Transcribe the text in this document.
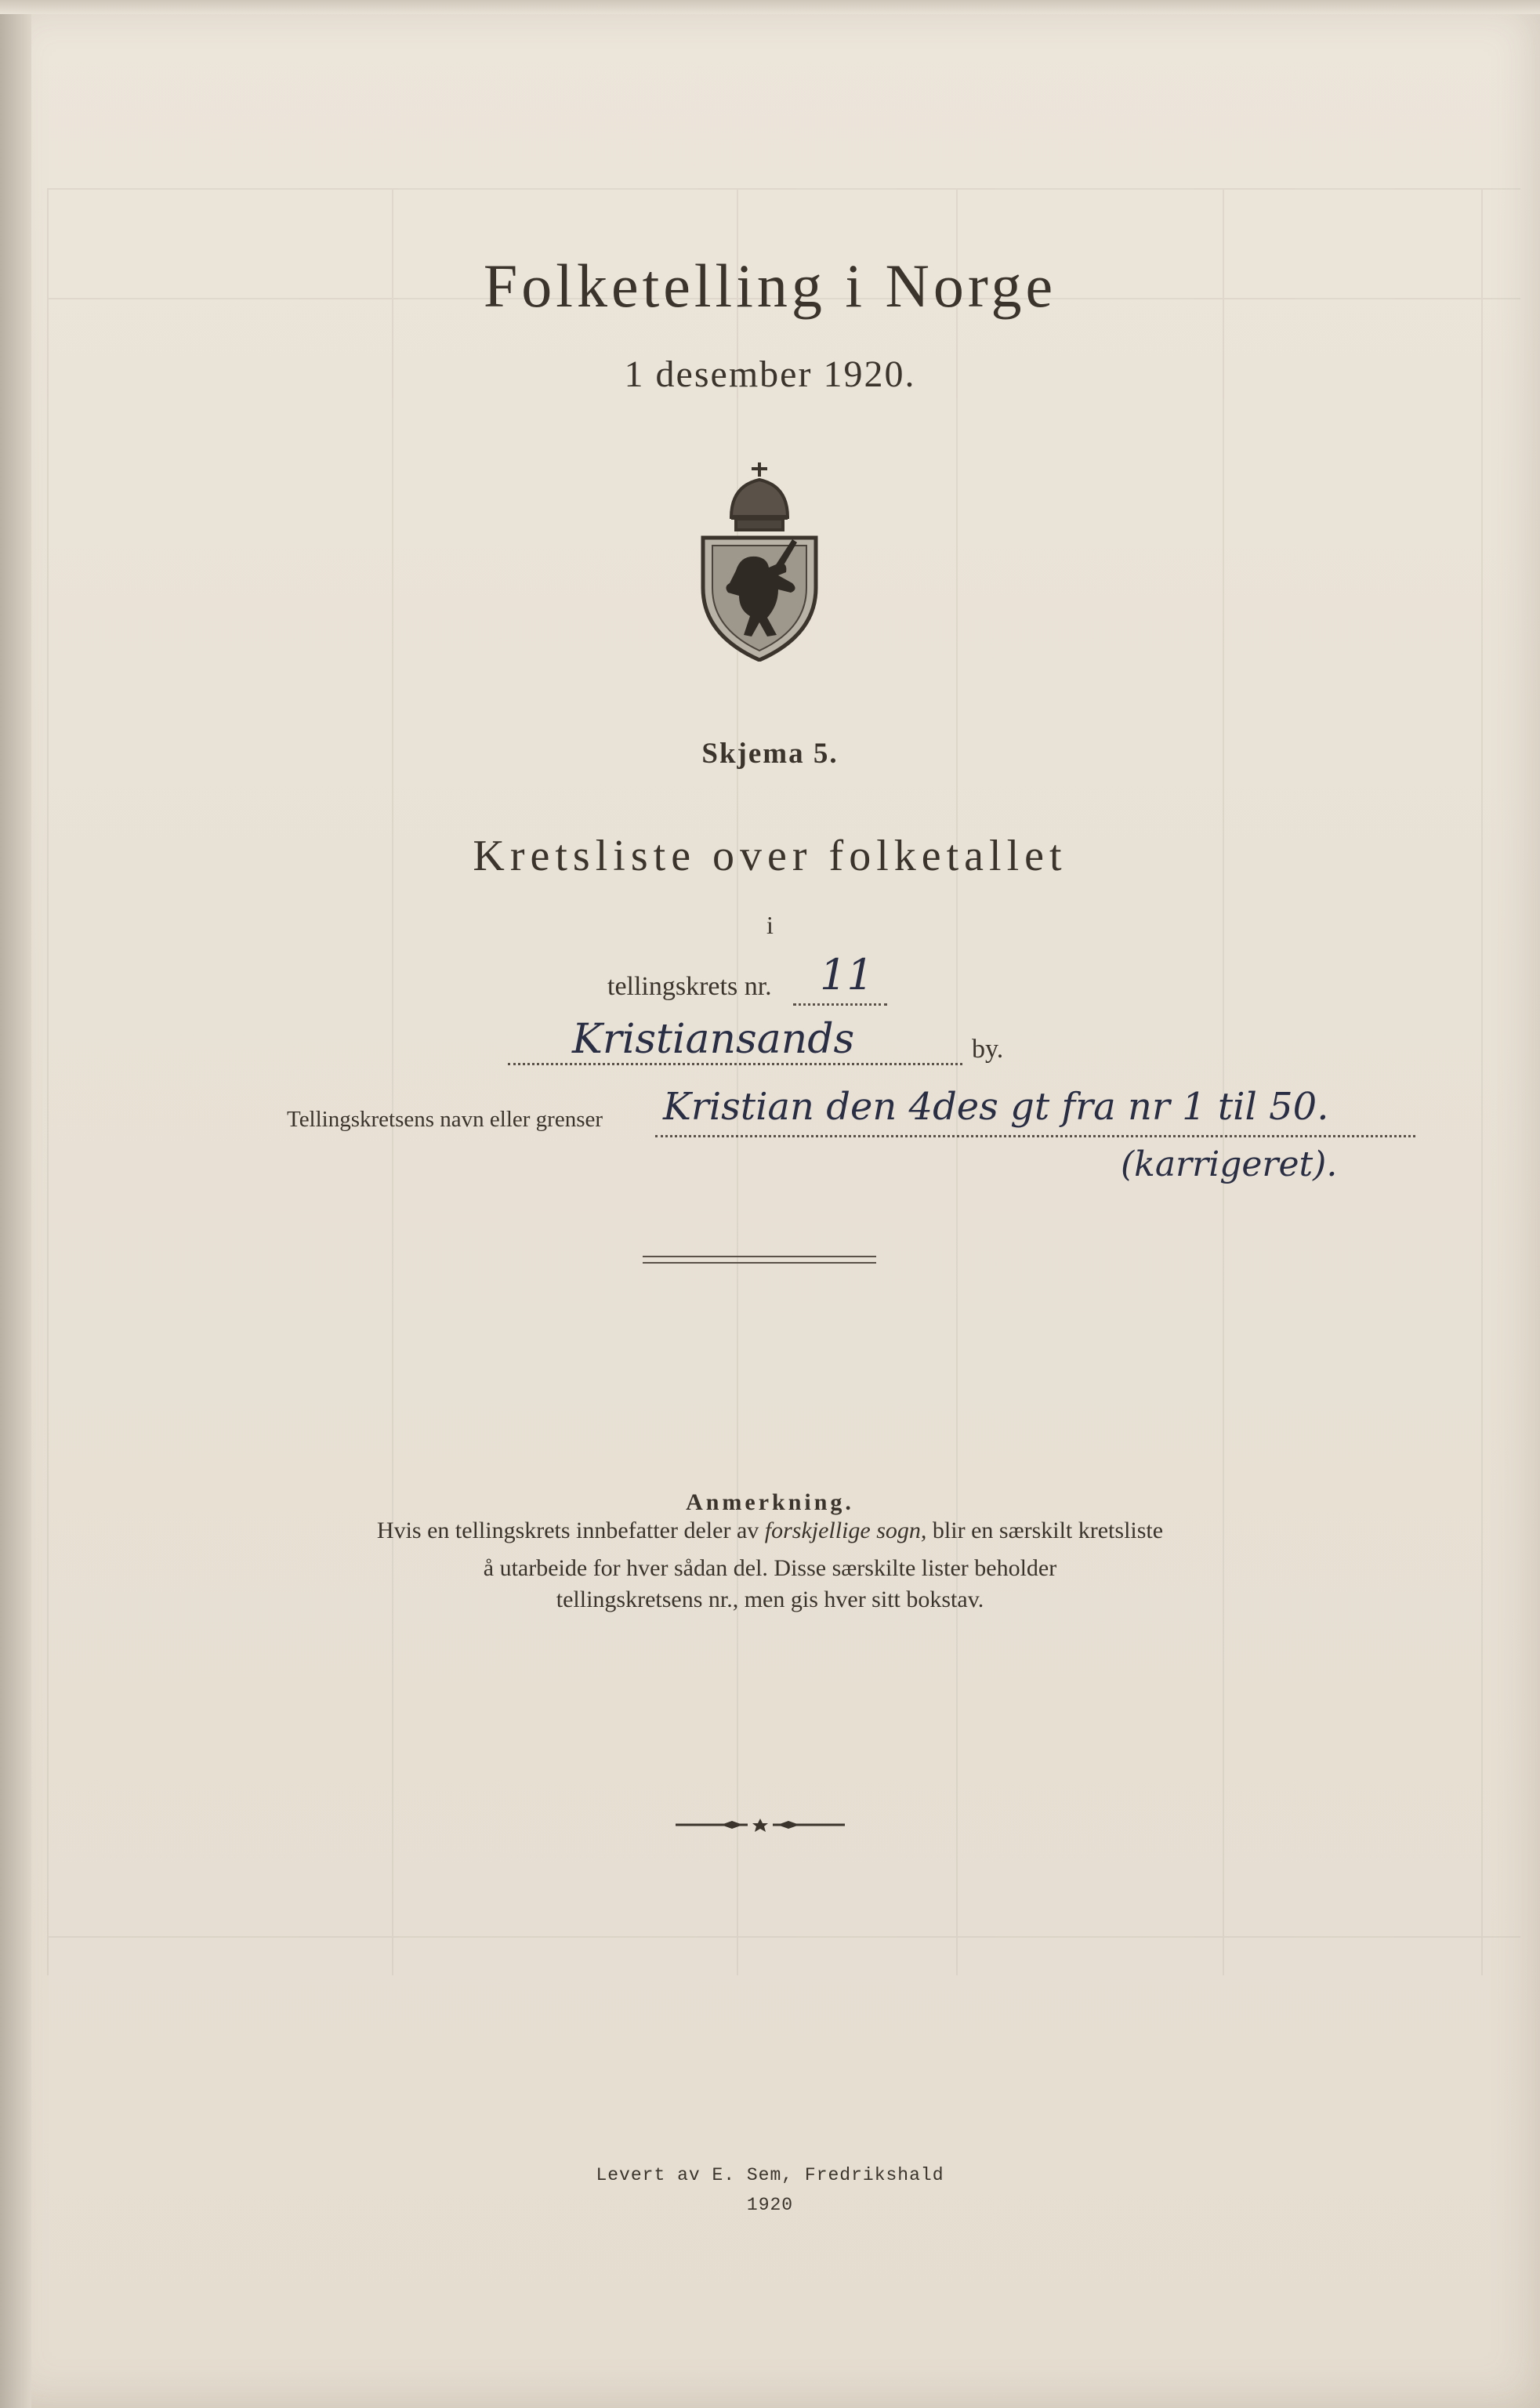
Folketelling i Norge
1 desember 1920.
Skjema 5.
Kretsliste over folketallet
i
tellingskrets nr. 11
Kristiansands	by.
Tellingskretsens navn eller grenser Kristian den 4des gt fra nr 1 til 50.
(karrigeret).
Anmerkning.
Hvis en tellingskrets innbefatter deler av forskjellige sogn, blir en særskilt kretsliste
å utarbeide for hver sådan del. Disse særskilte lister beholder
tellingskretsens nr., men gis hver sitt bokstav.
Levert av E. Sem, Fredrikshald
1920
